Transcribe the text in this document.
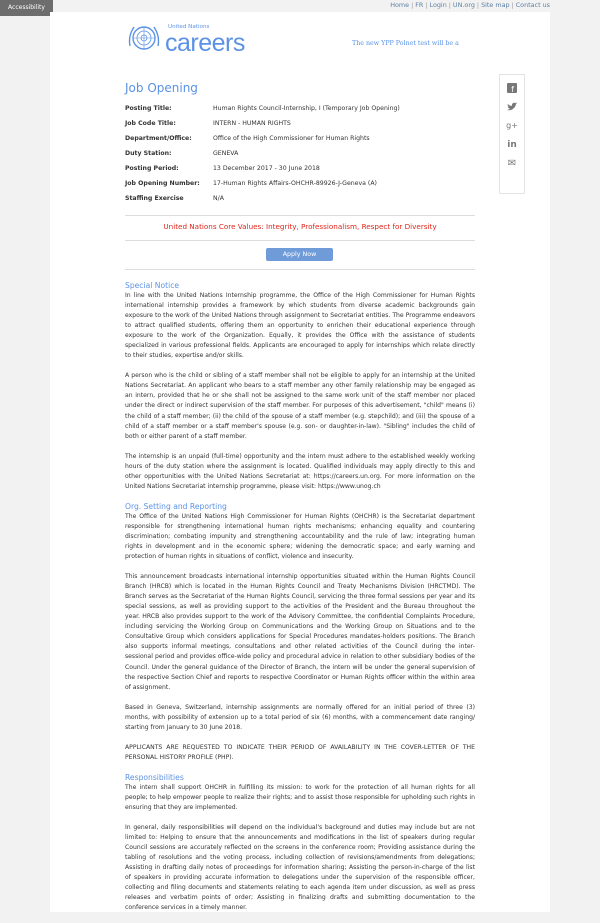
Accessibility	Home | FR | Login | UN.org | Site map | Contact us
United Nations
careers	The new YPP Polnet test will be a
Job Opening
Posting Title:	Human Rights Council-Internship, I (Temporary Job Opening)
Job Code Title:	INTERN - HUMAN RIGHTS
Department/Office:	Office of the High Commissioner for Human Rights
Duty Station:	GENEVA
Posting Period:	13 December 2017 - 30 June 2018
Job Opening Number: 17-Human Rights Affairs-OHCHR-89926-J-Geneva (A)
Staffing Exercise	N/A
United Nations Core Values: Integrity, Professionalism, Respect for Diversity
Apply Now
Special Notice

In line with the United Nations Internship programme, the Office of the High Commissioner for Human Rights international internship provides a framework by which students from diverse academic backgrounds gain exposure to the work of the United Nations through assignment to Secretariat entities. The Programme endeavors to attract qualified students, offering them an opportunity to enrichen their educational experience through exposure to the work of the Organization. Equally, it provides the Office with the assistance of students specialized in various professional fields. Applicants are encouraged to apply for internships which relate directly to their studies, expertise and/or skills.

A person who is the child or sibling of a staff member shall not be eligible to apply for an internship at the United Nations Secretariat. An applicant who bears to a staff member any other family relationship may be engaged as an intern, provided that he or she shall not be assigned to the same work unit of the staff member nor placed under the direct or indirect supervision of the staff member. For purposes of this advertisement, "child" means (i) the child of a staff member; (ii) the child of the spouse of a staff member (e.g. stepchild); and (iii) the spouse of a child of a staff member or a staff member's spouse (e.g. son- or daughter-in-law). "Sibling" includes the child of both or either parent of a staff member.

The internship is an unpaid (full-time) opportunity and the intern must adhere to the established weekly working hours of the duty station where the assignment is located. Qualified individuals may apply directly to this and other opportunities with the United Nations Secretariat at: https://careers.un.org. For more information on the United Nations Secretariat internship programme, please visit: https://www.unog.ch

Org. Setting and Reporting

The Office of the United Nations High Commissioner for Human Rights (OHCHR) is the Secretariat department responsible for strengthening international human rights mechanisms; enhancing equality and countering discrimination; combating impunity and strengthening accountability and the rule of law; integrating human rights in development and in the economic sphere; widening the democratic space; and early warning and protection of human rights in situations of conflict, violence and insecurity.

This announcement broadcasts international internship opportunities situated within the Human Rights Council Branch (HRCB) which is located in the Human Rights Council and Treaty Mechanisms Division (HRCTMD). The Branch serves as the Secretariat of the Human Rights Council, servicing the three formal sessions per year and its special sessions, as well as providing support to the activities of the President and the Bureau throughout the year. HRCB also provides support to the work of the Advisory Committee, the confidential Complaints Procedure, including servicing the Working Group on Communications and the Working Group on Situations and to the Consultative Group which considers applications for Special Procedures mandates-holders positions. The Branch also supports informal meetings, consultations and other related activities of the Council during the inter-sessional period and provides office-wide policy and procedural advice in relation to other subsidiary bodies of the Council. Under the general guidance of the Director of Branch, the intern will be under the general supervision of the respective Section Chief and reports to respective Coordinator or Human Rights officer within the within area of assignment.

Based in Geneva, Switzerland, internship assignments are normally offered for an initial period of three (3) months, with possibility of extension up to a total period of six (6) months, with a commencement date ranging/ starting from January to 30 June 2018.

APPLICANTS ARE REQUESTED TO INDICATE THEIR PERIOD OF AVAILABILITY IN THE COVER-LETTER OF THE PERSONAL HISTORY PROFILE (PHP).

Responsibilities

The intern shall support OHCHR in fulfilling its mission: to work for the protection of all human rights for all people; to help empower people to realize their rights; and to assist those responsible for upholding such rights in ensuring that they are implemented.

In general, daily responsibilities will depend on the individual's background and duties may include but are not limited to: Helping to ensure that the announcements and modifications in the list of speakers during regular Council sessions are accurately reflected on the screens in the conference room; Providing assistance during the tabling of resolutions and the voting process, including collection of revisions/amendments from delegations; Assisting in drafting daily notes of proceedings for information sharing; Assisting the person-in-charge of the list of speakers in providing accurate information to delegations under the supervision of the responsible officer, collecting and filing documents and statements relating to each agenda item under discussion, as well as press releases and verbatim points of order; Assisting in finalizing drafts and submitting documentation to the conference services in a timely manner.

f
t
g+
in
✉
